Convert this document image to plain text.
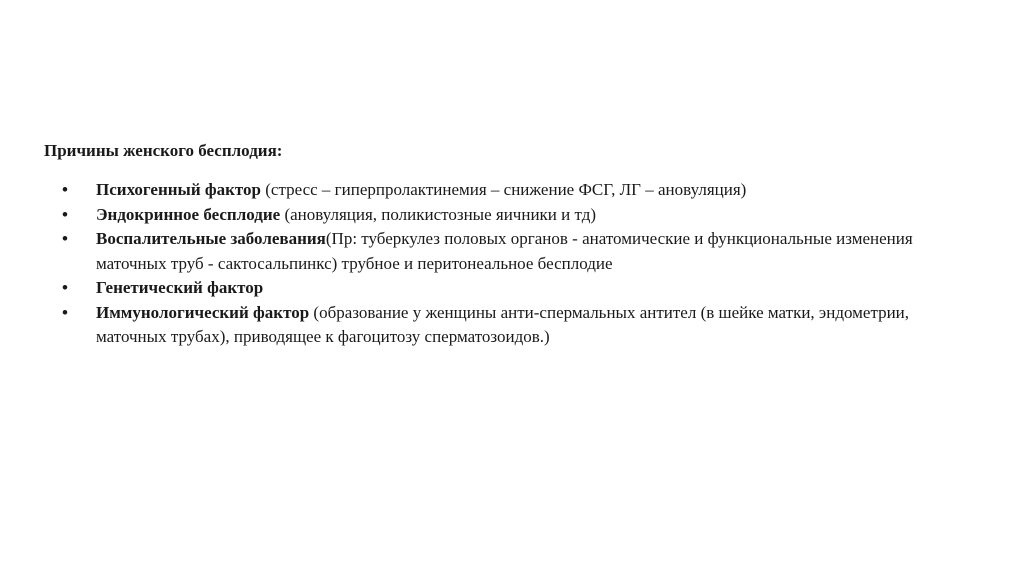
Причины женского бесплодия:

• Психогенный фактор (стресс – гиперпролактинемия – снижение ФСГ, ЛГ – ановуляция)
• Эндокринное бесплодие (ановуляция, поликистозные яичники и тд)
• Воспалительные заболевания(Пр: туберкулез половых органов - анатомические и функциональные изменения маточных труб - сактосальпинкс) трубное и перитонеальное бесплодие
• Генетический фактор
• Иммунологический фактор (образование у женщины анти-спермальных антител (в шейке матки, эндометрии, маточных трубах), приводящее к фагоцитозу сперматозоидов.)
